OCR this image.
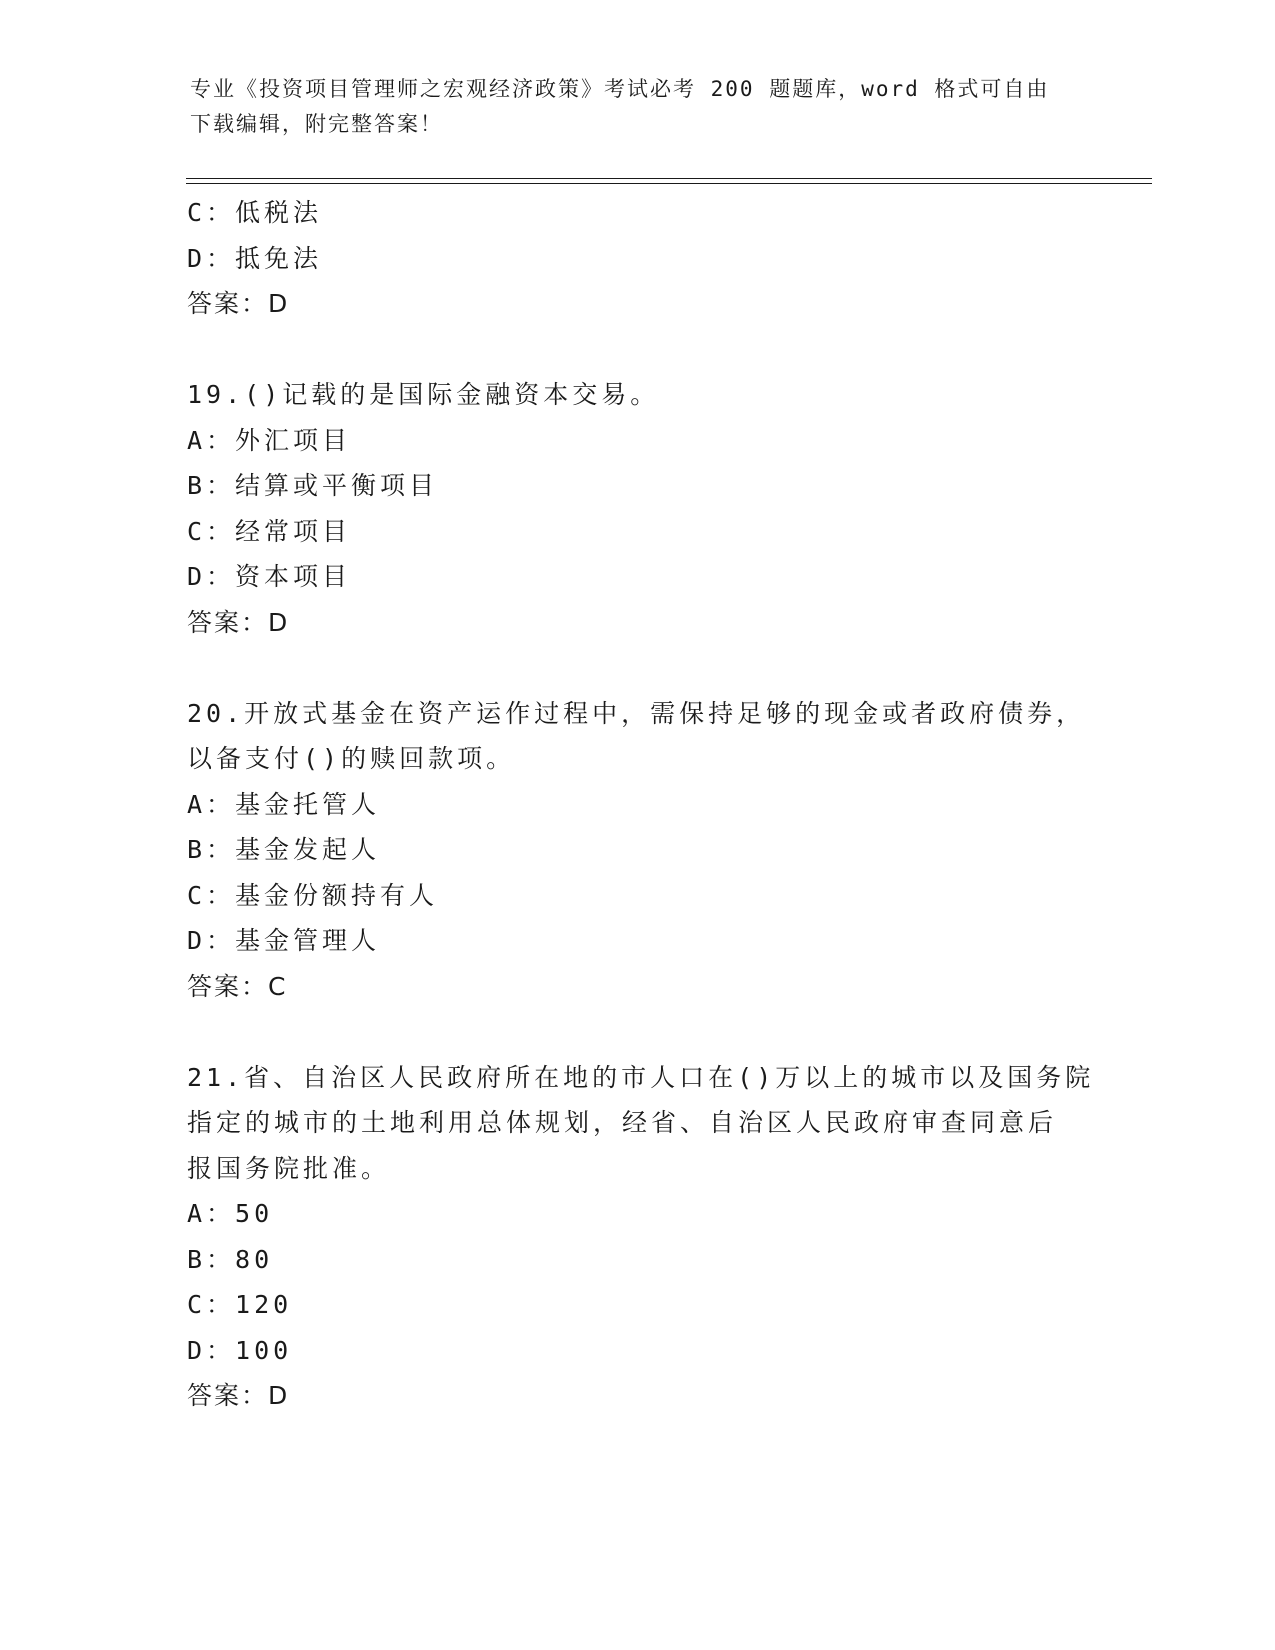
专业《投资项目管理师之宏观经济政策》考试必考 200 题题库，word 格式可自由
下载编辑，附完整答案！
C：低税法
D：抵免法
答案：D
19.()记载的是国际金融资本交易。
A：外汇项目
B：结算或平衡项目
C：经常项目
D：资本项目
答案：D
20.开放式基金在资产运作过程中，需保持足够的现金或者政府债券，
以备支付()的赎回款项。
A：基金托管人
B：基金发起人
C：基金份额持有人
D：基金管理人
答案：C
21.省、自治区人民政府所在地的市人口在()万以上的城市以及国务院
指定的城市的土地利用总体规划，经省、自治区人民政府审查同意后
报国务院批准。
A：50
B：80
C：120
D：100
答案：D
